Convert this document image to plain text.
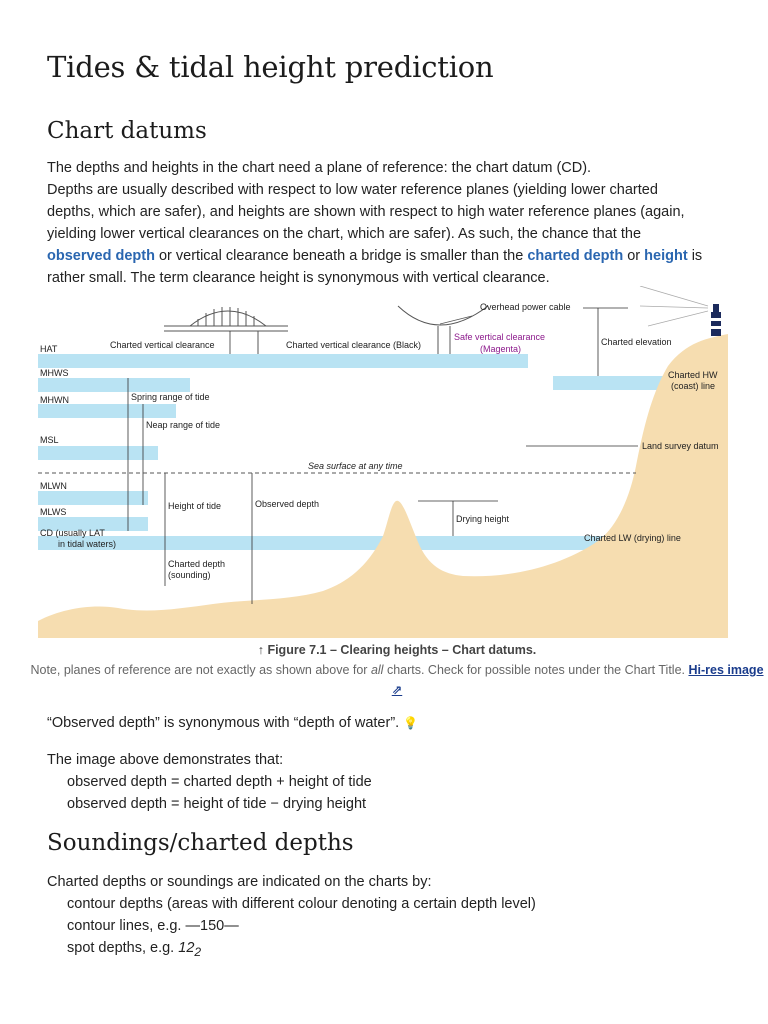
Tides & tidal height prediction
Chart datums

The depths and heights in the chart need a plane of reference: the chart datum (CD).

Depths are usually described with respect to low water reference planes (yielding lower charted depths, which are safer), and heights are shown with respect to high water reference planes (again, yielding lower vertical clearances on the chart, which are safer). As such, the chance that the observed depth or vertical clearance beneath a bridge is smaller than the charted depth or height is rather small. The term clearance height is synonymous with vertical clearance.

Overhead power cable
HAT	Charted vertical clearance	Charted vertical clearance (Black)
Safe vertical clearance
(Magenta)
Charted elevation
MHWS	Charted HW
(coast) line
MHWN	Spring range of tide
Neap range of tide
MSL
Land survey datum
Sea surface at any time
MLWN
Height of tide	Observed depth
MLWS
Drying height
CD (usually LAT
in tidal waters)
Charted LW (drying) line
Charted depth
(sounding)
↑ Figure 7.1 – Clearing heights – Chart datums.
Note, planes of reference are not exactly as shown above for all charts. Check for possible notes under the Chart Title. Hi-res image ⇗

“Observed depth” is synonymous with “depth of water”. 💡

The image above demonstrates that:

observed depth = charted depth + height of tide

observed depth = height of tide − drying height

Soundings/charted depths

Charted depths or soundings are indicated on the charts by:

contour depths (areas with different colour denoting a certain depth level)

contour lines, e.g. —150—

spot depths, e.g. $12_2$
